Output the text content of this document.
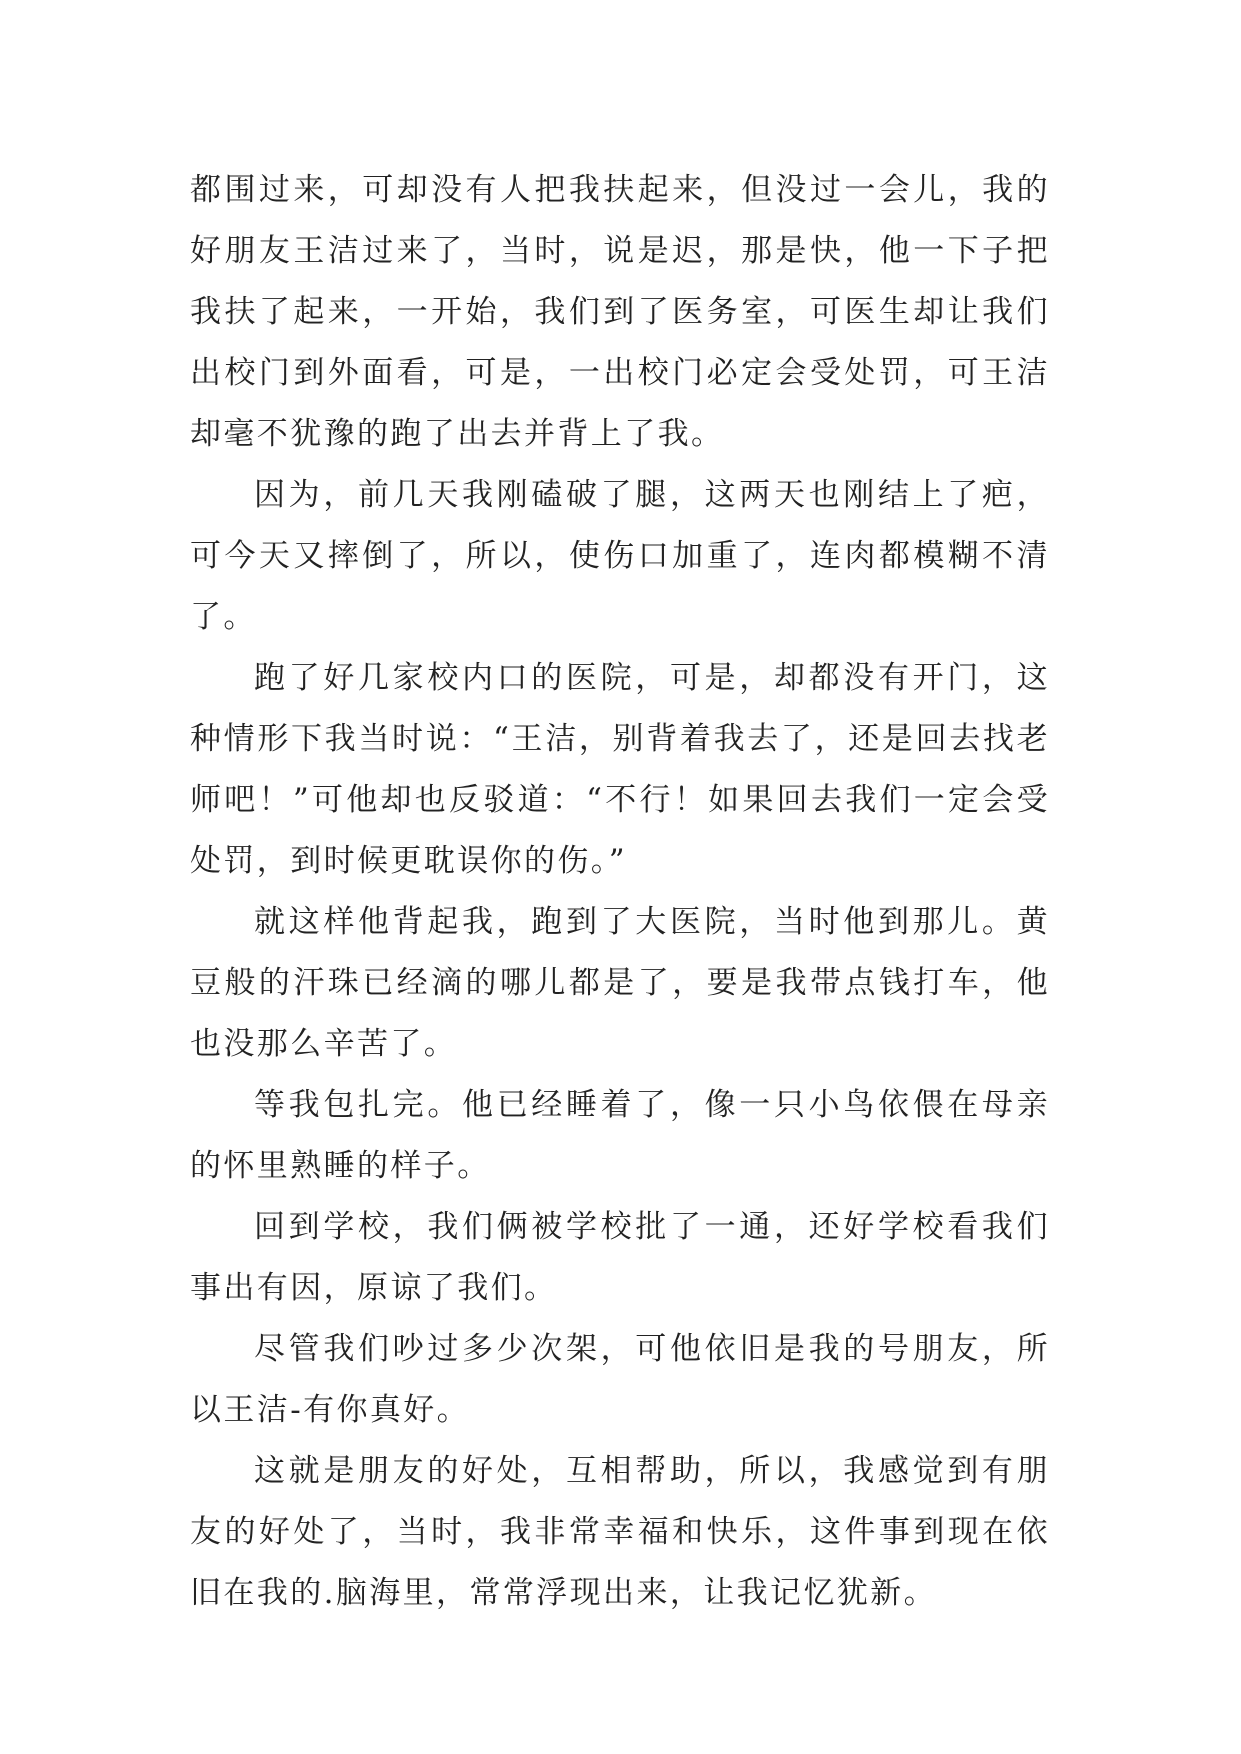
都围过来，可却没有人把我扶起来，但没过一会儿，我的好朋友王洁过来了，当时，说是迟，那是快，他一下子把我扶了起来，一开始，我们到了医务室，可医生却让我们出校门到外面看，可是，一出校门必定会受处罚，可王洁却毫不犹豫的跑了出去并背上了我。

因为，前几天我刚磕破了腿，这两天也刚结上了疤，可今天又摔倒了，所以，使伤口加重了，连肉都模糊不清了。

跑了好几家校内口的医院，可是，却都没有开门，这种情形下我当时说：“王洁，别背着我去了，还是回去找老师吧！”可他却也反驳道：“不行！如果回去我们一定会受处罚，到时候更耽误你的伤。”

就这样他背起我，跑到了大医院，当时他到那儿。黄豆般的汗珠已经滴的哪儿都是了，要是我带点钱打车，他也没那么辛苦了。

等我包扎完。他已经睡着了，像一只小鸟依偎在母亲的怀里熟睡的样子。

回到学校，我们俩被学校批了一通，还好学校看我们事出有因，原谅了我们。

尽管我们吵过多少次架，可他依旧是我的号朋友，所以王洁-有你真好。

这就是朋友的好处，互相帮助，所以，我感觉到有朋友的好处了，当时，我非常幸福和快乐，这件事到现在依旧在我的.脑海里，常常浮现出来，让我记忆犹新。
